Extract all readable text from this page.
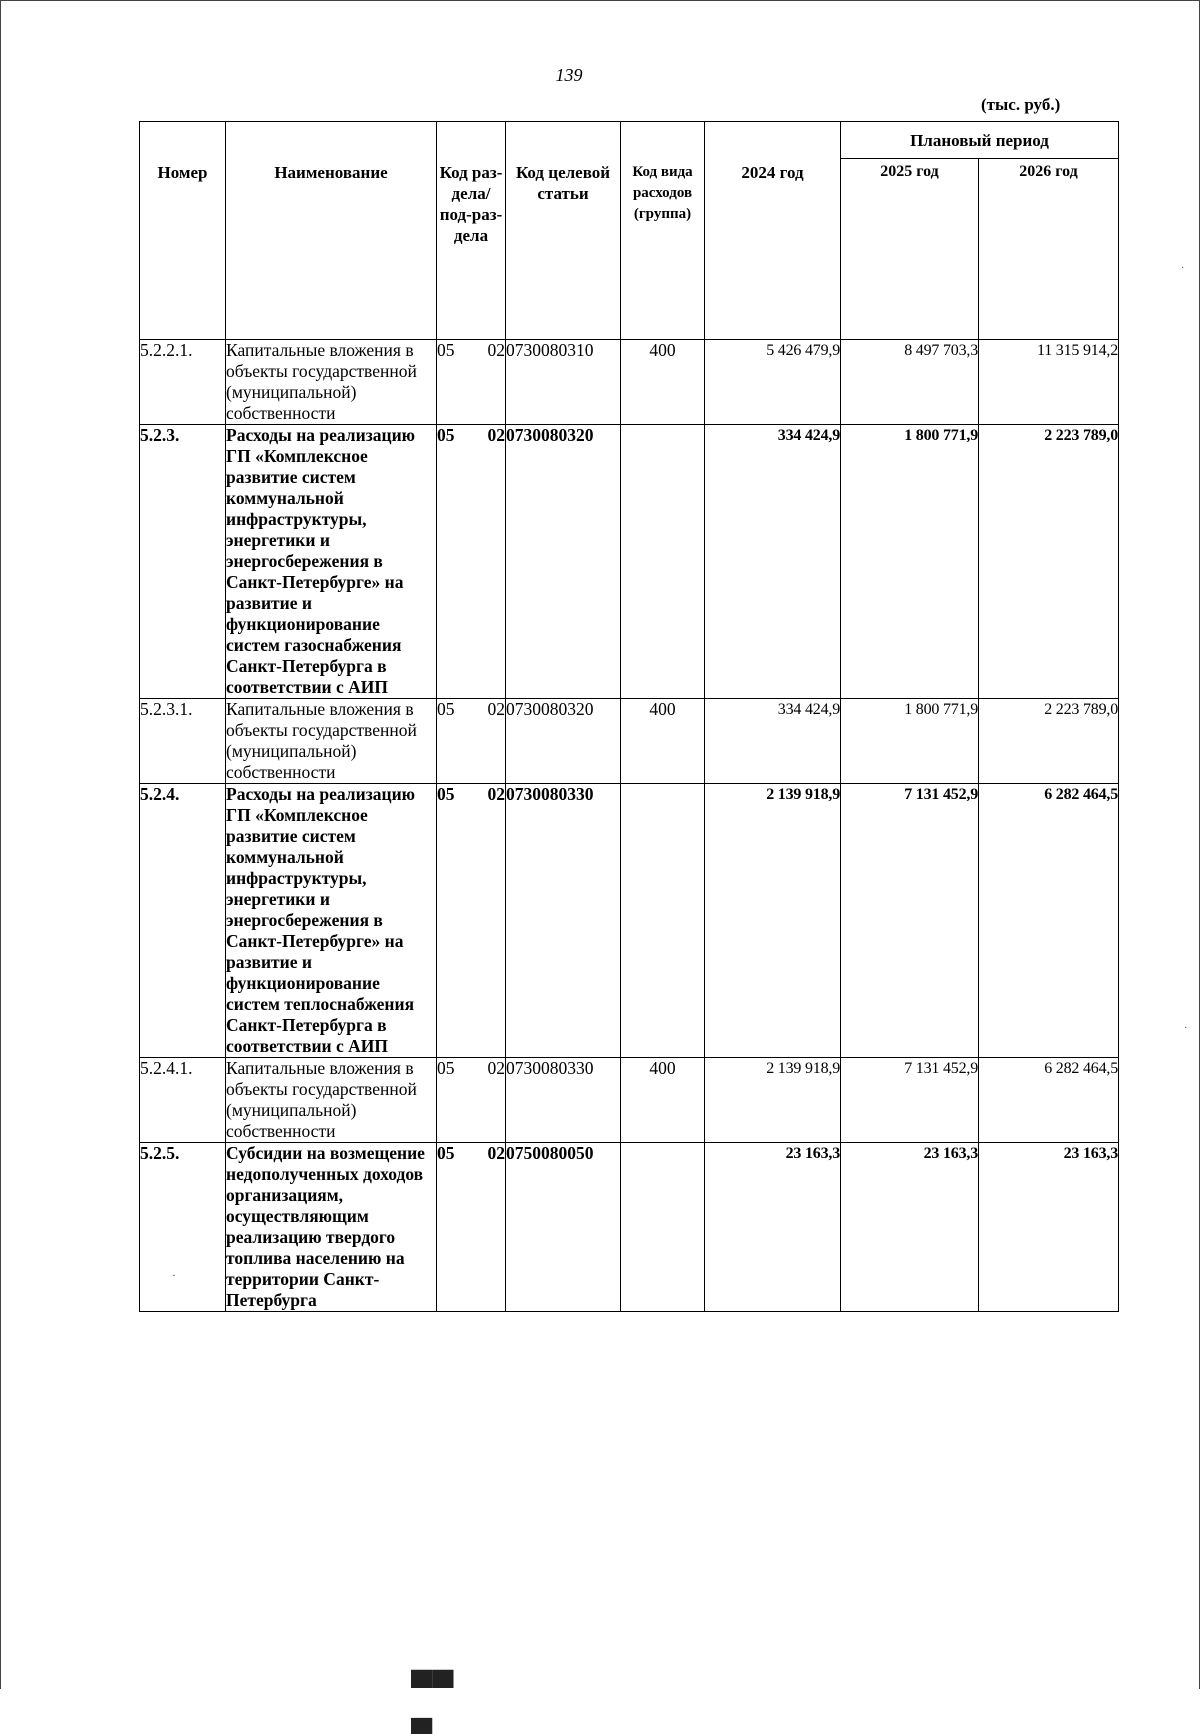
139
(тыс. руб.)
Номер	Наименование	Код раз-дела/ под-раз-дела	Код целевой статьи	Код вида расходов (группа)	2024 год	Плановый период	
						2025 год	2026 год
5.2.2.1.	Капитальные вложения в объекты государственной (муниципальной) собственности	05 02	0730080310	400	5 426 479,9	8 497 703,3	11 315 914,2
5.2.3.	Расходы на реализацию ГП «Комплексное развитие систем коммунальной инфраструктуры, энергетики и энергосбережения в Санкт-Петербурге» на развитие и функционирование систем газоснабжения Санкт-Петербурга в соответствии с АИП	05 02	0730080320		334 424,9	1 800 771,9	2 223 789,0
5.2.3.1.	Капитальные вложения в объекты государственной (муниципальной) собственности	05 02	0730080320	400	334 424,9	1 800 771,9	2 223 789,0
5.2.4.	Расходы на реализацию ГП «Комплексное развитие систем коммунальной инфраструктуры, энергетики и энергосбережения в Санкт-Петербурге» на развитие и функционирование систем теплоснабжения Санкт-Петербурга в соответствии с АИП	05 02	0730080330		2 139 918,9	7 131 452,9	6 282 464,5
5.2.4.1.	Капитальные вложения в объекты государственной (муниципальной) собственности	05 02	0730080330	400	2 139 918,9	7 131 452,9	6 282 464,5
5.2.5.	Субсидии на возмещение недополученных доходов организациям, осуществляющим реализацию твердого топлива населению на территории Санкт-Петербурга	05 02	0750080050		23 163,3	23 163,3	23 163,3
·
·
·
▀▀ ▄
